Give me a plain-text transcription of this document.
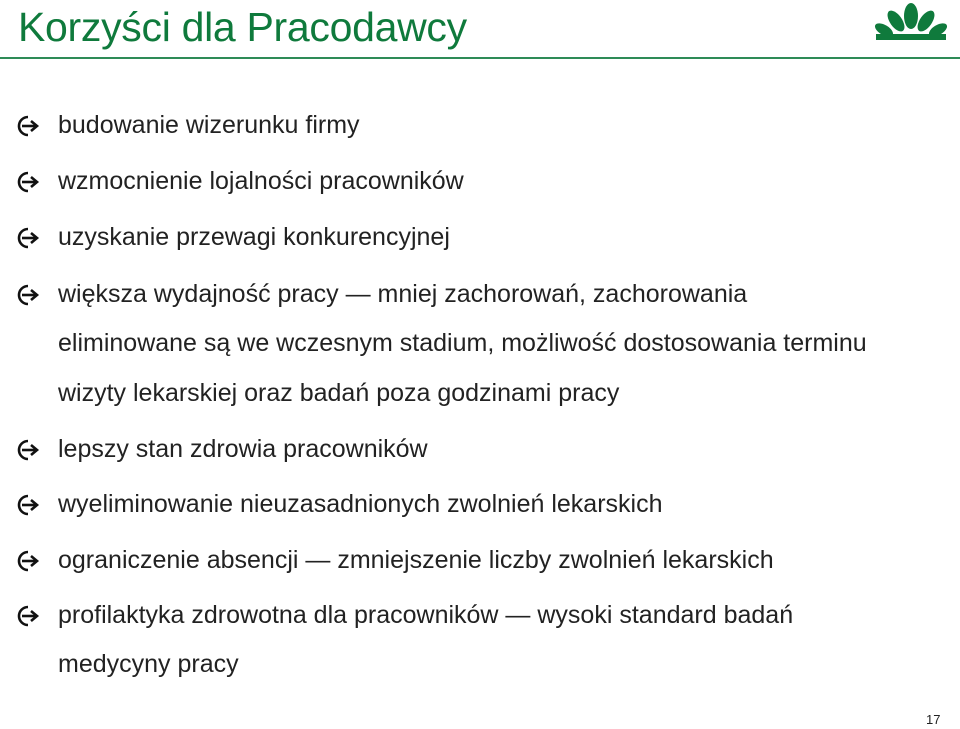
Korzyści dla Pracodawcy
budowanie wizerunku firmy
wzmocnienie lojalności pracowników
uzyskanie przewagi konkurencyjnej
większa wydajność pracy — mniej zachorowań, zachorowania
eliminowane są we wczesnym stadium, możliwość dostosowania terminu
wizyty lekarskiej oraz badań poza godzinami pracy
lepszy stan zdrowia pracowników
wyeliminowanie nieuzasadnionych zwolnień lekarskich
ograniczenie absencji — zmniejszenie liczby zwolnień lekarskich
profilaktyka zdrowotna dla pracowników — wysoki standard badań
medycyny pracy
17
